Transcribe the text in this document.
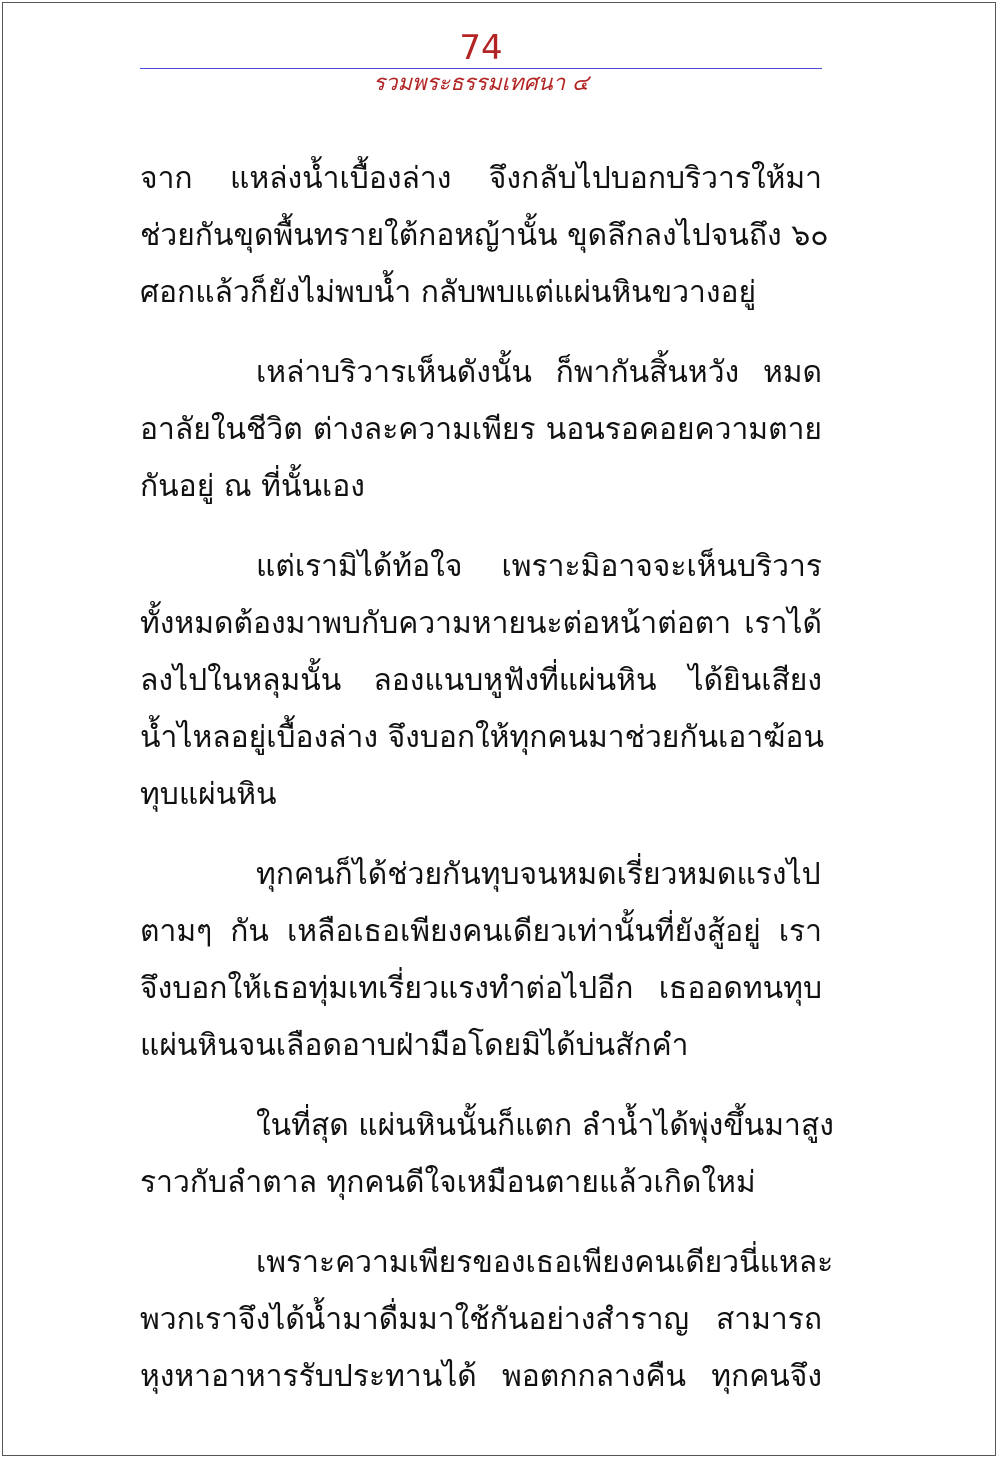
74
รวมพระธรรมเทศนา ๔

จาก แหล่งน้ำเบื้องล่าง จึงกลับไปบอกบริวารให้มา
ช่วยกันขุดพื้นทรายใต้กอหญ้านั้น ขุดลึกลงไปจนถึง ๖๐
ศอกแล้วก็ยังไม่พบน้ำ กลับพบแต่แผ่นหินขวางอยู่

เหล่าบริวารเห็นดังนั้น ก็พากันสิ้นหวัง หมด
อาลัยในชีวิต ต่างละความเพียร นอนรอคอยความตาย
กันอยู่ ณ ที่นั้นเอง

แต่เรามิได้ท้อใจ เพราะมิอาจจะเห็นบริวาร
ทั้งหมดต้องมาพบกับความหายนะต่อหน้าต่อตา เราได้
ลงไปในหลุมนั้น ลองแนบหูฟังที่แผ่นหิน ได้ยินเสียง
น้ำไหลอยู่เบื้องล่าง จึงบอกให้ทุกคนมาช่วยกันเอาฆ้อน
ทุบแผ่นหิน

ทุกคนก็ได้ช่วยกันทุบจนหมดเรี่ยวหมดแรงไป
ตามๆ กัน เหลือเธอเพียงคนเดียวเท่านั้นที่ยังสู้อยู่ เรา
จึงบอกให้เธอทุ่มเทเรี่ยวแรงทำต่อไปอีก เธออดทนทุบ
แผ่นหินจนเลือดอาบฝ่ามือโดยมิได้บ่นสักคำ

ในที่สุด แผ่นหินนั้นก็แตก ลำน้ำได้พุ่งขึ้นมาสูง
ราวกับลำตาล ทุกคนดีใจเหมือนตายแล้วเกิดใหม่

เพราะความเพียรของเธอเพียงคนเดียวนี่แหละ
พวกเราจึงได้น้ำมาดื่มมาใช้กันอย่างสำราญ สามารถ
หุงหาอาหารรับประทานได้ พอตกกลางคืน ทุกคนจึง
